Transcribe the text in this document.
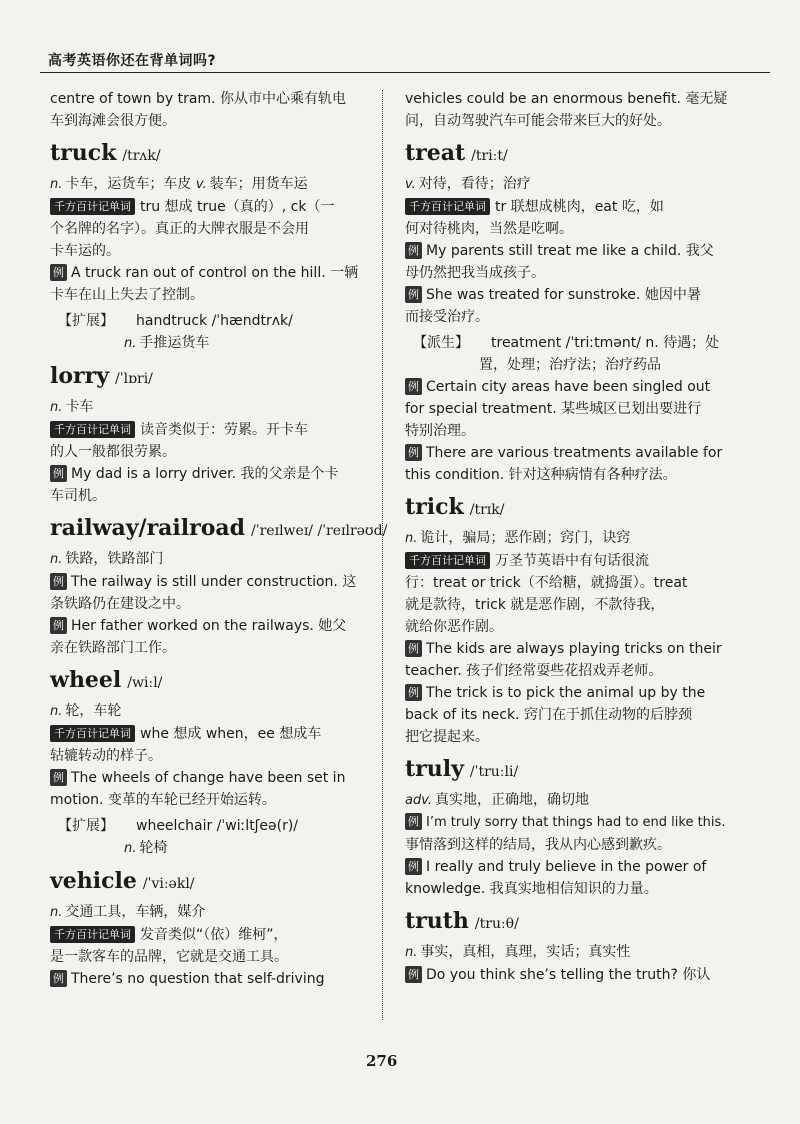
高考英语你还在背单词吗?

centre of town by tram. 你从市中心乘有轨电

车到海滩会很方便。

truck /trʌk/

n. 卡车，运货车；车皮 v. 装车；用货车运

千方百计记单词 tru 想成 true（真的）, ck（一

个名牌的名字）。真正的大牌衣服是不会用

卡车运的。

例 A truck ran out of control on the hill. 一辆

卡车在山上失去了控制。

【扩展】 handtruck /ˈhændtrʌk/
n. 手推运货车
lorry /ˈlɒri/

n. 卡车

千方百计记单词 读音类似于：劳累。开卡车

的人一般都很劳累。

例 My dad is a lorry driver. 我的父亲是个卡

车司机。

railway/railroad /ˈreɪlweɪ/ /ˈreɪlrəʊd/

n. 铁路，铁路部门

例 The railway is still under construction. 这

条铁路仍在建设之中。

例 Her father worked on the railways. 她父

亲在铁路部门工作。

wheel /wiːl/

n. 轮，车轮

千方百计记单词 whe 想成 when，ee 想成车

轱辘转动的样子。

例 The wheels of change have been set in

motion. 变革的车轮已经开始运转。

【扩展】 wheelchair /ˈwiːltʃeə(r)/
n. 轮椅
vehicle /ˈviːəkl/

n. 交通工具，车辆，媒介

千方百计记单词 发音类似“（依）维柯”，

是一款客车的品牌，它就是交通工具。

例 There’s no question that self-driving

vehicles could be an enormous benefit. 毫无疑

问，自动驾驶汽车可能会带来巨大的好处。

treat /triːt/

v. 对待，看待；治疗

千方百计记单词 tr 联想成桃肉，eat 吃，如

何对待桃肉，当然是吃啊。

例 My parents still treat me like a child. 我父

母仍然把我当成孩子。

例 She was treated for sunstroke. 她因中暑

而接受治疗。

【派生】 treatment /ˈtriːtmənt/ n. 待遇；处
置，处理；治疗法；治疗药品

例 Certain city areas have been singled out

for special treatment. 某些城区已划出要进行

特别治理。

例 There are various treatments available for

this condition. 针对这种病情有各种疗法。

trick /trɪk/

n. 诡计，骗局；恶作剧；窍门，诀窍

千方百计记单词 万圣节英语中有句话很流

行：treat or trick（不给糖，就捣蛋）。treat

就是款待，trick 就是恶作剧，不款待我，

就给你恶作剧。

例 The kids are always playing tricks on their

teacher. 孩子们经常耍些花招戏弄老师。

例 The trick is to pick the animal up by the

back of its neck. 窍门在于抓住动物的后脖颈

把它提起来。

truly /ˈtruːli/

adv. 真实地，正确地，确切地

例 I’m truly sorry that things had to end like this.

事情落到这样的结局，我从内心感到歉疚。

例 I really and truly believe in the power of

knowledge. 我真实地相信知识的力量。

truth /truːθ/

n. 事实，真相，真理，实话；真实性

例 Do you think she’s telling the truth? 你认

276
